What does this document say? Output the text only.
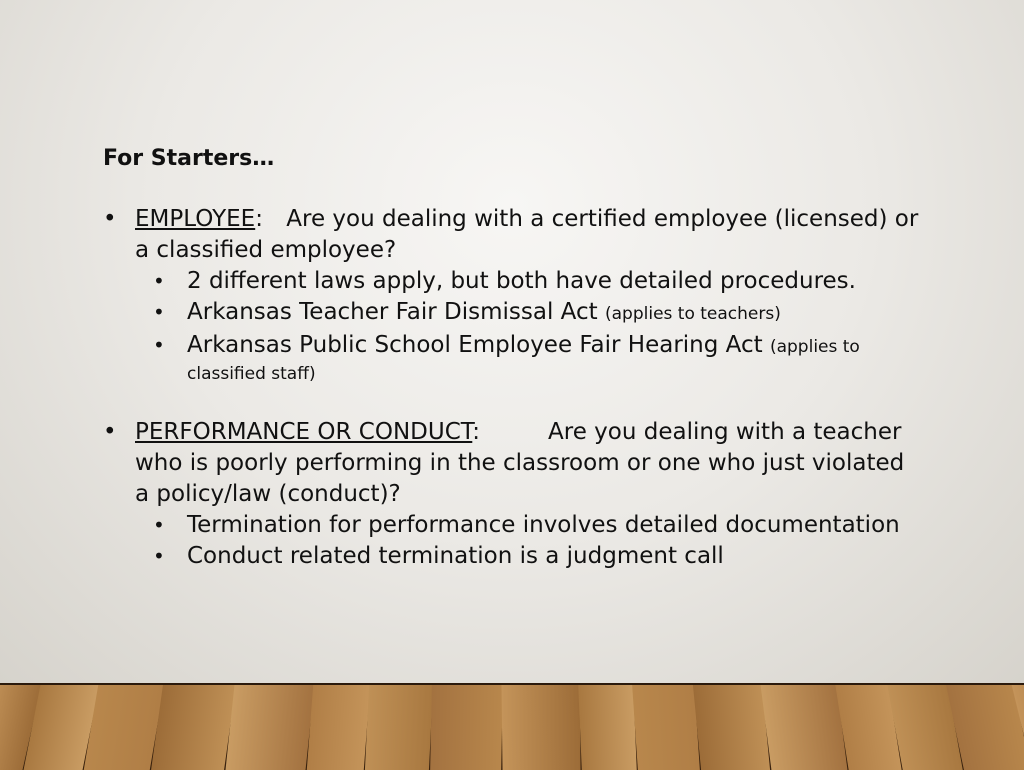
For Starters…
• EMPLOYEE: Are you dealing with a certified employee (licensed) or a classified employee?
• 2 different laws apply, but both have detailed procedures.
• Arkansas Teacher Fair Dismissal Act (applies to teachers)
• Arkansas Public School Employee Fair Hearing Act (applies to
classified staff)
• PERFORMANCE OR CONDUCT:	Are you dealing with a teacher who is poorly performing in the classroom or one who just violated a policy/law (conduct)?
• Termination for performance involves detailed documentation
• Conduct related termination is a judgment call
